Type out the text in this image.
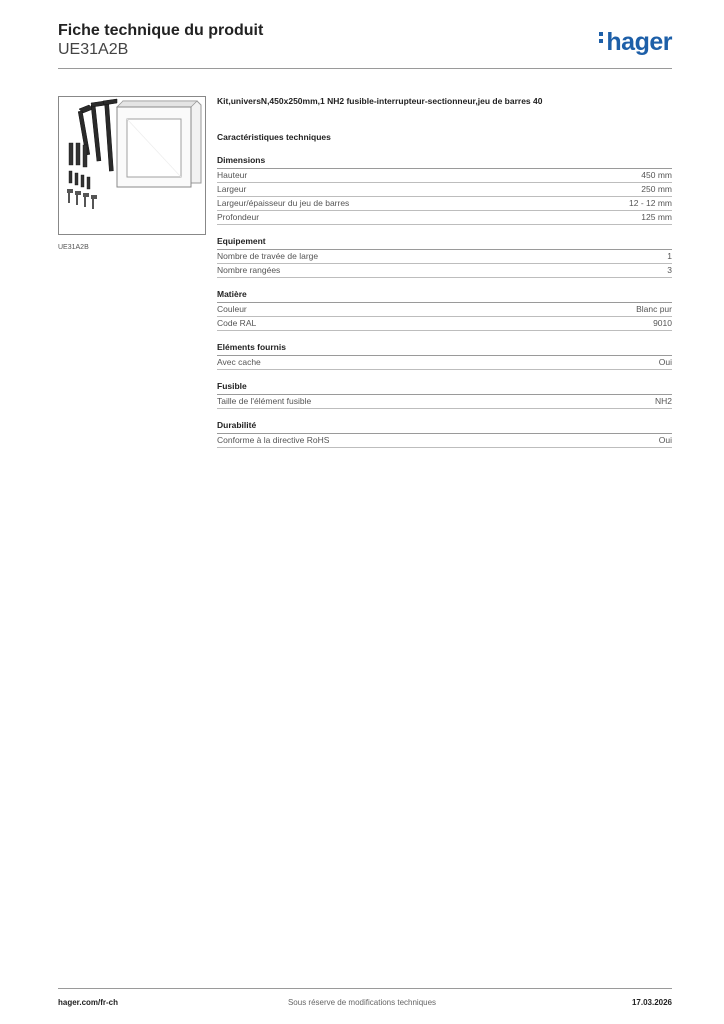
Fiche technique du produit
UE31A2B	hager
UE31A2B
Kit,universN,450x250mm,1 NH2 fusible-interrupteur-sectionneur,jeu de barres 40
Caractéristiques techniques
Dimensions
Hauteur	450 mm
Largeur	250 mm
Largeur/épaisseur du jeu de barres	12 - 12 mm
Profondeur	125 mm
Equipement
Nombre de travée de large	1
Nombre rangées	3
Matière
Couleur	Blanc pur
Code RAL	9010
Eléments fournis
Avec cache	Oui
Fusible
Taille de l'élément fusible	NH2
Durabilité
Conforme à la directive RoHS	Oui
hager.com/fr-ch	Sous réserve de modifications techniques	17.03.2026
